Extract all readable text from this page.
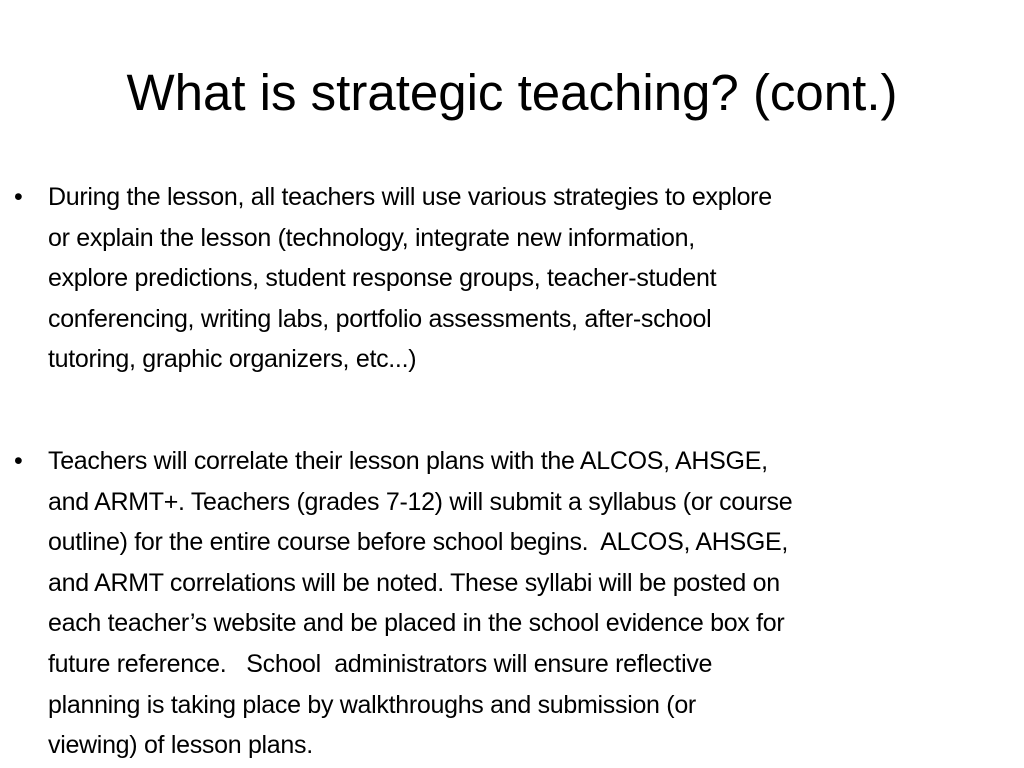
What is strategic teaching? (cont.)
• During the lesson, all teachers will use various strategies to explore
or explain the lesson (technology, integrate new information,
explore predictions, student response groups, teacher-student
conferencing, writing labs, portfolio assessments, after-school
tutoring, graphic organizers, etc...)
• Teachers will correlate their lesson plans with the ALCOS, AHSGE,
and ARMT+. Teachers (grades 7-12) will submit a syllabus (or course
outline) for the entire course before school begins.  ALCOS, AHSGE,
and ARMT correlations will be noted. These syllabi will be posted on
each teacher’s website and be placed in the school evidence box for
future reference.   School  administrators will ensure reflective
planning is taking place by walkthroughs and submission (or
viewing) of lesson plans.
